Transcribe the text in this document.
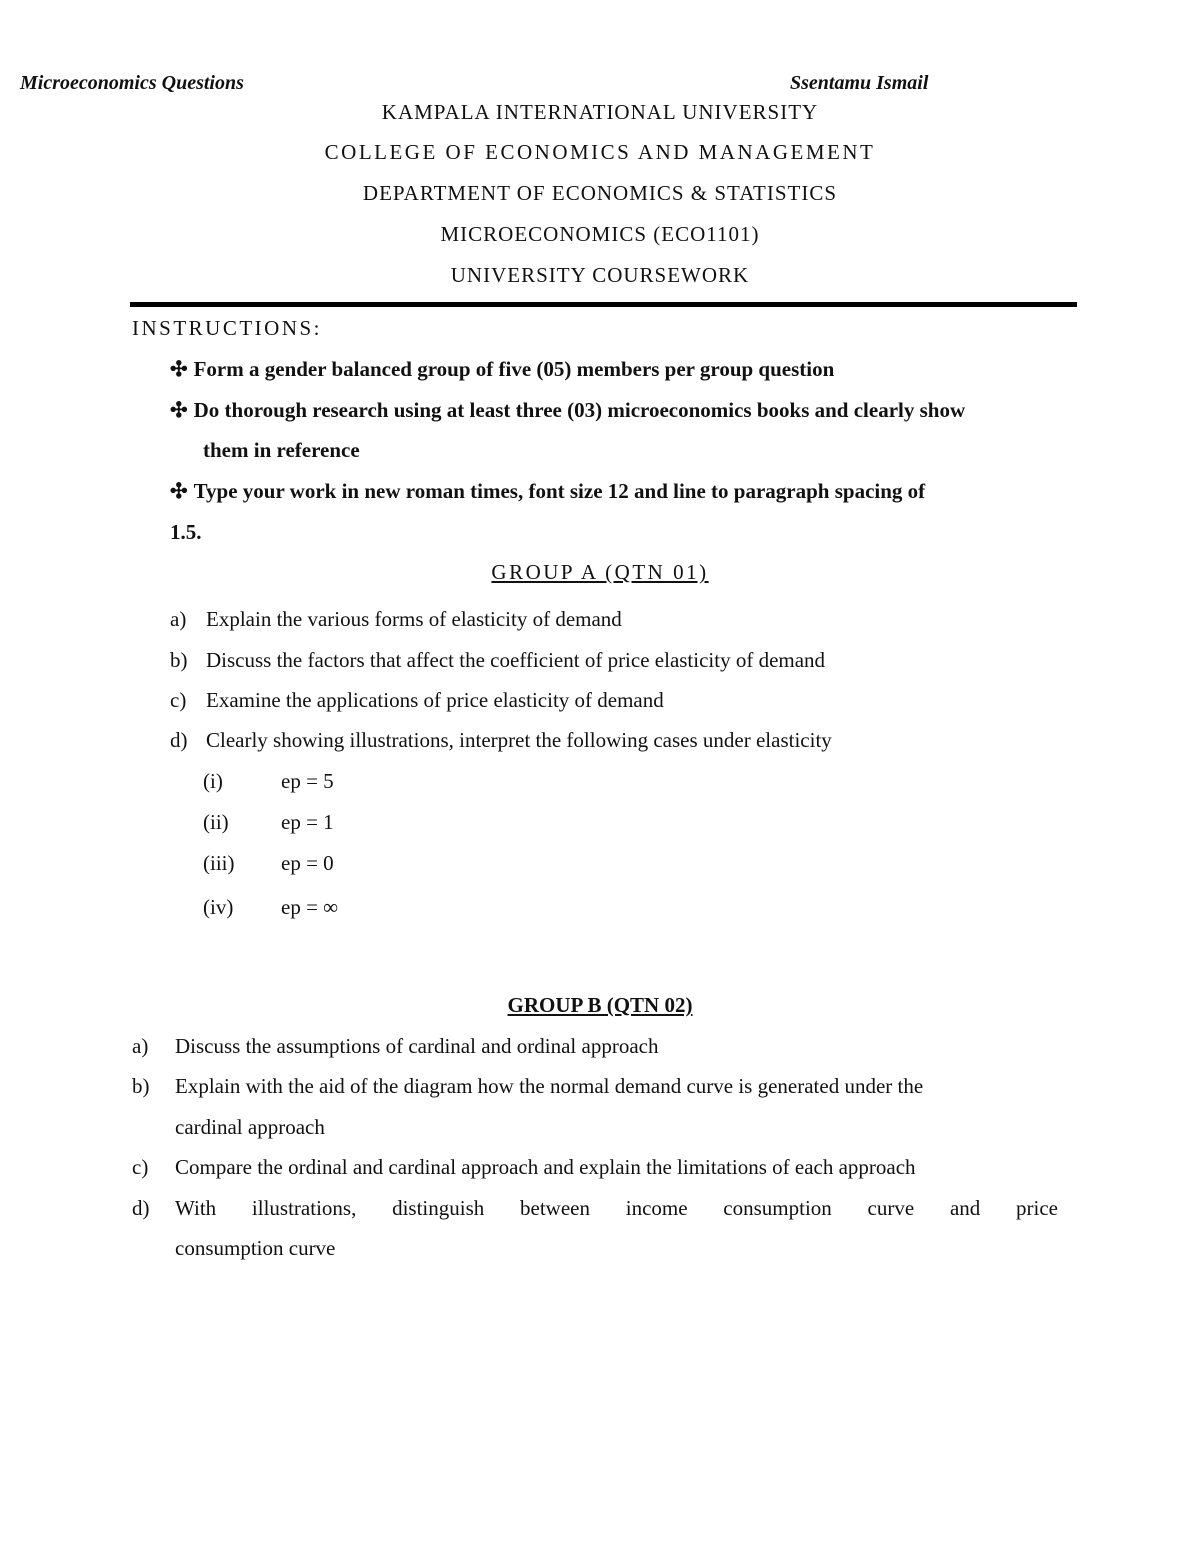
Microeconomics Questions	Ssentamu Ismail
KAMPALA INTERNATIONAL UNIVERSITY
COLLEGE OF ECONOMICS AND MANAGEMENT
DEPARTMENT OF ECONOMICS & STATISTICS
MICROECONOMICS (ECO1101)
UNIVERSITY COURSEWORK
INSTRUCTIONS:
✣ Form a gender balanced group of five (05) members per group question
✣ Do thorough research using at least three (03) microeconomics books and clearly show
them in reference
✣ Type your work in new roman times, font size 12 and line to paragraph spacing of
1.5.
GROUP A (QTN 01)
a) Explain the various forms of elasticity of demand
b) Discuss the factors that affect the coefficient of price elasticity of demand
c) Examine the applications of price elasticity of demand
d) Clearly showing illustrations, interpret the following cases under elasticity
(i)	ep = 5
(ii) ep = 1
(iii) ep = 0
(iv) ep = ∞
GROUP B (QTN 02)
a) Discuss the assumptions of cardinal and ordinal approach
b) Explain with the aid of the diagram how the normal demand curve is generated under the
cardinal approach
c) Compare the ordinal and cardinal approach and explain the limitations of each approach
d)	With illustrations, distinguish between income consumption curve and price
consumption curve
